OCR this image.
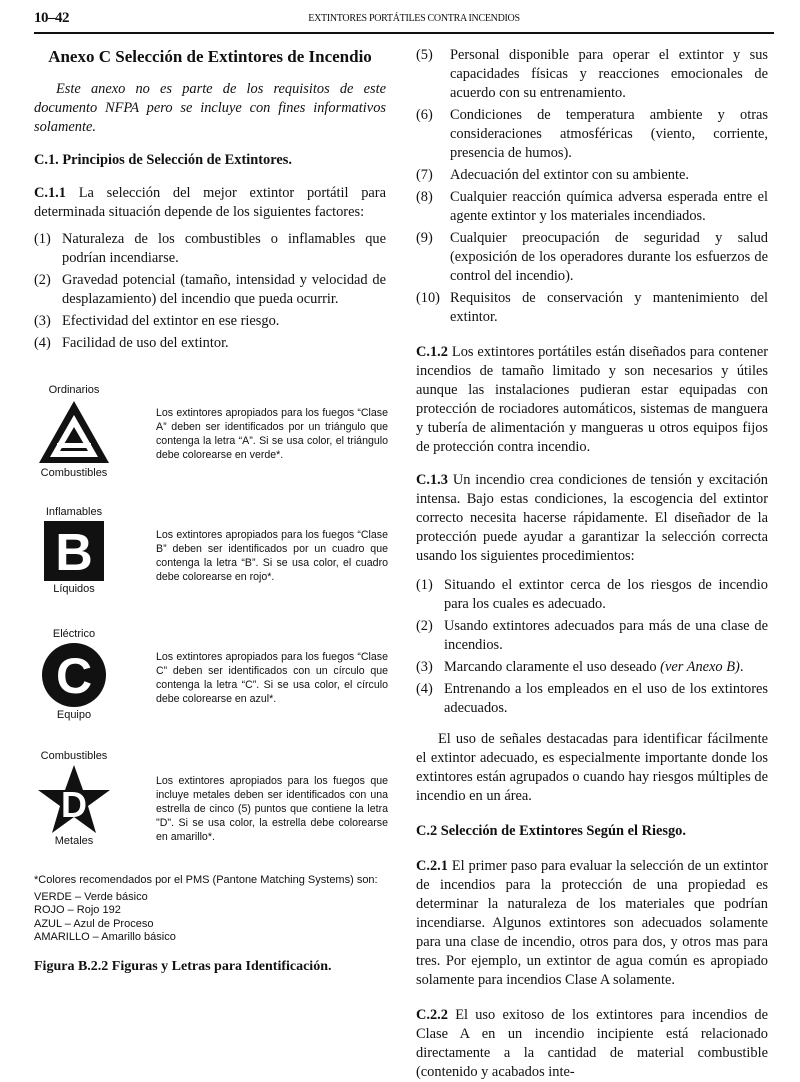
10–42	EXTINTORES PORTÁTILES CONTRA INCENDIOS
Anexo C Selección de Extintores de Incendio

Este anexo no es parte de los requisitos de este documento NFPA pero se incluye con fines informativos solamente.

C.1. Principios de Selección de Extintores.

C.1.1 La selección del mejor extintor portátil para determinada situación depende de los siguientes factores:

(1) Naturaleza de los combustibles o inflamables que podrían incendiarse.
(2) Gravedad potencial (tamaño, intensidad y velocidad de desplazamiento) del incendio que pueda ocurrir.
(3) Efectividad del extintor en ese riesgo.
(4) Facilidad de uso del extintor.
Ordinarios
Combustibles
Los extintores apropiados para los fuegos “Clase A” deben ser identificados por un triángulo que contenga la letra “A”. Si se usa color, el triángulo debe colorearse en verde*.
Inflamables
B
Líquidos
Los extintores apropiados para los fuegos “Clase B” deben ser identificados por un cuadro que contenga la letra “B”. Si se usa color, el cuadro debe colorearse en rojo*.
Eléctrico
C
Equipo
Los extintores apropiados para los fuegos “Clase C” deben ser identificados con un círculo que contenga la letra “C”. Si se usa color, el círculo debe colorearse en azul*.
Combustibles
D
Metales
Los extintores apropiados para los fuegos que incluye metales deben ser identificados con una estrella de cinco (5) puntos que contiene la letra "D". Si se usa color, la estrella debe colorearse en amarillo*.
*Colores recomendados por el PMS (Pantone Matching Systems) son:
VERDE – Verde básico
ROJO – Rojo 192
AZUL – Azul de Proceso
AMARILLO – Amarillo básico
Figura B.2.2 Figuras y Letras para Identificación.
(5) Personal disponible para operar el extintor y sus capacidades físicas y reacciones emocionales de acuerdo con su entrenamiento.
(6) Condiciones de temperatura ambiente y otras consideraciones atmosféricas (viento, corriente, presencia de humos).
(7) Adecuación del extintor con su ambiente.
(8) Cualquier reacción química adversa esperada entre el agente extintor y los materiales incendiados.
(9) Cualquier preocupación de seguridad y salud (exposición de los operadores durante los esfuerzos de control del incendio).
(10) Requisitos de conservación y mantenimiento del extintor.

C.1.2 Los extintores portátiles están diseñados para contener incendios de tamaño limitado y son necesarios y útiles aunque las instalaciones pudieran estar equipadas con protección de rociadores automáticos, sistemas de manguera y tubería de alimentación y mangueras u otros equipos fijos de protección contra incendio.

C.1.3 Un incendio crea condiciones de tensión y excitación intensa. Bajo estas condiciones, la escogencia del extintor correcto necesita hacerse rápidamente. El diseñador de la protección puede ayudar a garantizar la selección correcta usando los siguientes procedimientos:

(1) Situando el extintor cerca de los riesgos de incendio para los cuales es adecuado.
(2) Usando extintores adecuados para más de una clase de incendios.
(3) Marcando claramente el uso deseado (ver Anexo B).
(4) Entrenando a los empleados en el uso de los extintores adecuados.

El uso de señales destacadas para identificar fácilmente el extintor adecuado, es especialmente importante donde los extintores están agrupados o cuando hay riesgos múltiples de incendio en un área.

C.2 Selección de Extintores Según el Riesgo.

C.2.1 El primer paso para evaluar la selección de un extintor de incendios para la protección de una propiedad es determinar la naturaleza de los materiales que podrían incendiarse. Algunos extintores son adecuados solamente para una clase de incendio, otros para dos, y otros mas para tres. Por ejemplo, un extintor de agua común es apropiado solamente para incendios Clase A solamente.

C.2.2 El uso exitoso de los extintores para incendios de Clase A en un incendio incipiente está relacionado directamente a la cantidad de material combustible (contenido y acabados inte-
